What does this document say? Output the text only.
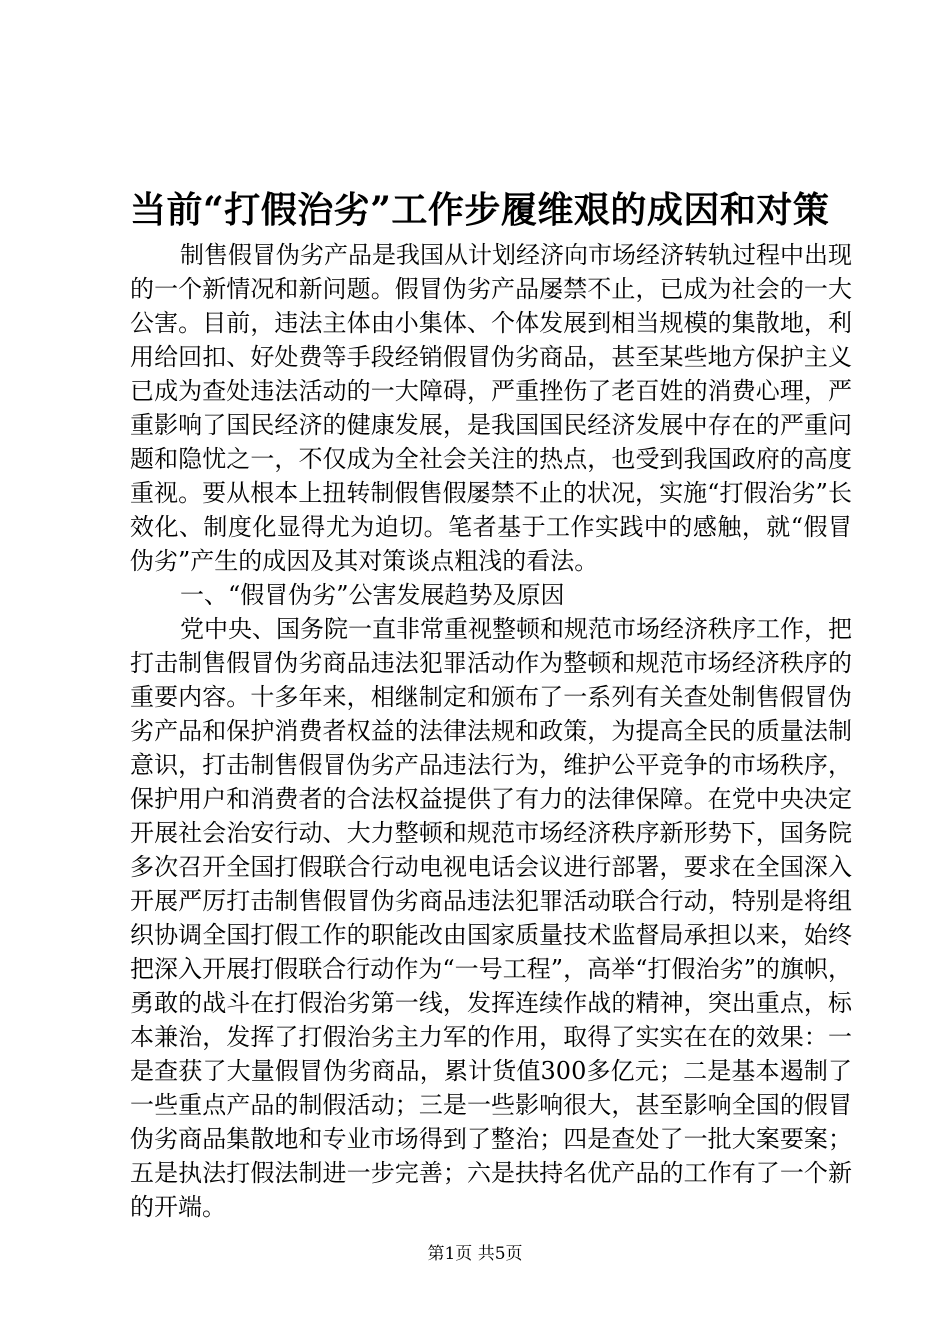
当前“打假治劣”工作步履维艰的成因和对策

制售假冒伪劣产品是我国从计划经济向市场经济转轨过程中出现的一个新情况和新问题。假冒伪劣产品屡禁不止，已成为社会的一大公害。目前，违法主体由小集体、个体发展到相当规模的集散地，利用给回扣、好处费等手段经销假冒伪劣商品，甚至某些地方保护主义已成为查处违法活动的一大障碍，严重挫伤了老百姓的消费心理，严重影响了国民经济的健康发展，是我国国民经济发展中存在的严重问题和隐忧之一，不仅成为全社会关注的热点，也受到我国政府的高度重视。要从根本上扭转制假售假屡禁不止的状况，实施“打假治劣”长效化、制度化显得尤为迫切。笔者基于工作实践中的感触，就“假冒伪劣”产生的成因及其对策谈点粗浅的看法。

一、“假冒伪劣”公害发展趋势及原因

党中央、国务院一直非常重视整顿和规范市场经济秩序工作，把打击制售假冒伪劣商品违法犯罪活动作为整顿和规范市场经济秩序的重要内容。十多年来，相继制定和颁布了一系列有关查处制售假冒伪劣产品和保护消费者权益的法律法规和政策，为提高全民的质量法制意识，打击制售假冒伪劣产品违法行为，维护公平竞争的市场秩序，保护用户和消费者的合法权益提供了有力的法律保障。在党中央决定开展社会治安行动、大力整顿和规范市场经济秩序新形势下，国务院多次召开全国打假联合行动电视电话会议进行部署，要求在全国深入开展严厉打击制售假冒伪劣商品违法犯罪活动联合行动，特别是将组织协调全国打假工作的职能改由国家质量技术监督局承担以来，始终把深入开展打假联合行动作为“一号工程”，高举“打假治劣”的旗帜，勇敢的战斗在打假治劣第一线，发挥连续作战的精神，突出重点，标本兼治，发挥了打假治劣主力军的作用，取得了实实在在的效果：一是查获了大量假冒伪劣商品，累计货值300多亿元；二是基本遏制了一些重点产品的制假活动；三是一些影响很大，甚至影响全国的假冒伪劣商品集散地和专业市场得到了整治；四是查处了一批大案要案；五是执法打假法制进一步完善；六是扶持名优产品的工作有了一个新的开端。

第1页 共5页
